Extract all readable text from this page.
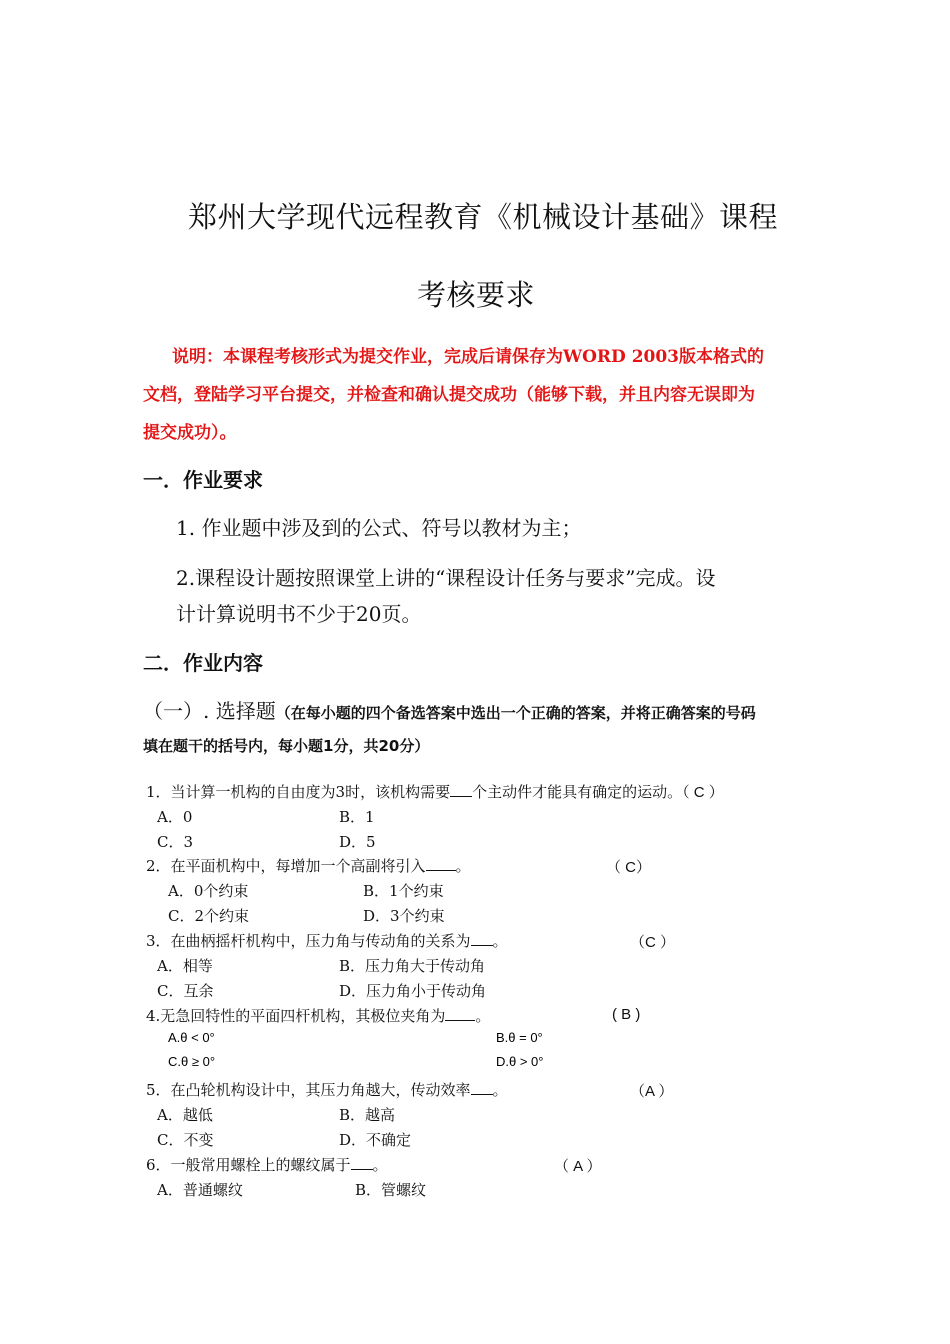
郑州大学现代远程教育《机械设计基础》课程
考核要求
说明：本课程考核形式为提交作业，完成后请保存为WORD 2003版本格式的
文档，登陆学习平台提交，并检查和确认提交成功（能够下载，并且内容无误即为
提交成功）。
一．作业要求
1. 作业题中涉及到的公式、符号以教材为主；
2.课程设计题按照课堂上讲的“课程设计任务与要求”完成。设
计计算说明书不少于20页。
二．作业内容
（一）. 选择题（在每小题的四个备选答案中选出一个正确的答案，并将正确答案的号码
填在题干的括号内，每小题1分，共20分）
1．当计算一机构的自由度为3时，该机构需要 个主动件才能具有确定的运动。（ C ）
A．0	B．1
C．3	D．5
2．在平面机构中，每增加一个高副将引入 。	（ C）
A．0个约束	B．1个约束
C．2个约束	D．3个约束
3．在曲柄摇杆机构中，压力角与传动角的关系为 。	（C ）
A．相等	B．压力角大于传动角
C．互余	D．压力角小于传动角
4.无急回特性的平面四杆机构，其极位夹角为 。	( B )
A.θ < 0°	B.θ = 0°
C.θ ≥ 0°	D.θ > 0°
5．在凸轮机构设计中，其压力角越大，传动效率 。	（A ）
A．越低	B．越高
C．不变	D．不确定
6．一般常用螺栓上的螺纹属于 。	（ A ）
A．普通螺纹	B．管螺纹
